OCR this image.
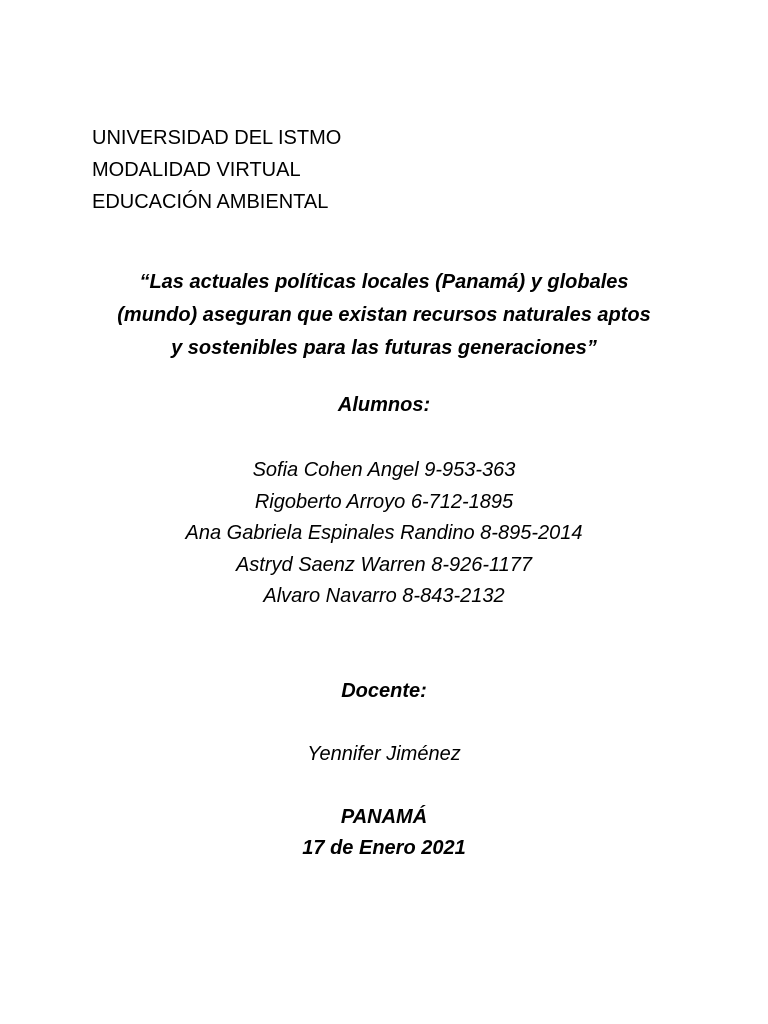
UNIVERSIDAD DEL ISTMO
MODALIDAD VIRTUAL
EDUCACIÓN AMBIENTAL
“Las actuales políticas locales (Panamá) y globales
(mundo) aseguran que existan recursos naturales aptos
y sostenibles para las futuras generaciones”
Alumnos:
Sofia Cohen Angel 9-953-363
Rigoberto Arroyo 6-712-1895
Ana Gabriela Espinales Randino 8-895-2014
Astryd Saenz Warren 8-926-1177
Alvaro Navarro 8-843-2132
Docente:
Yennifer Jiménez
PANAMÁ
17 de Enero 2021
